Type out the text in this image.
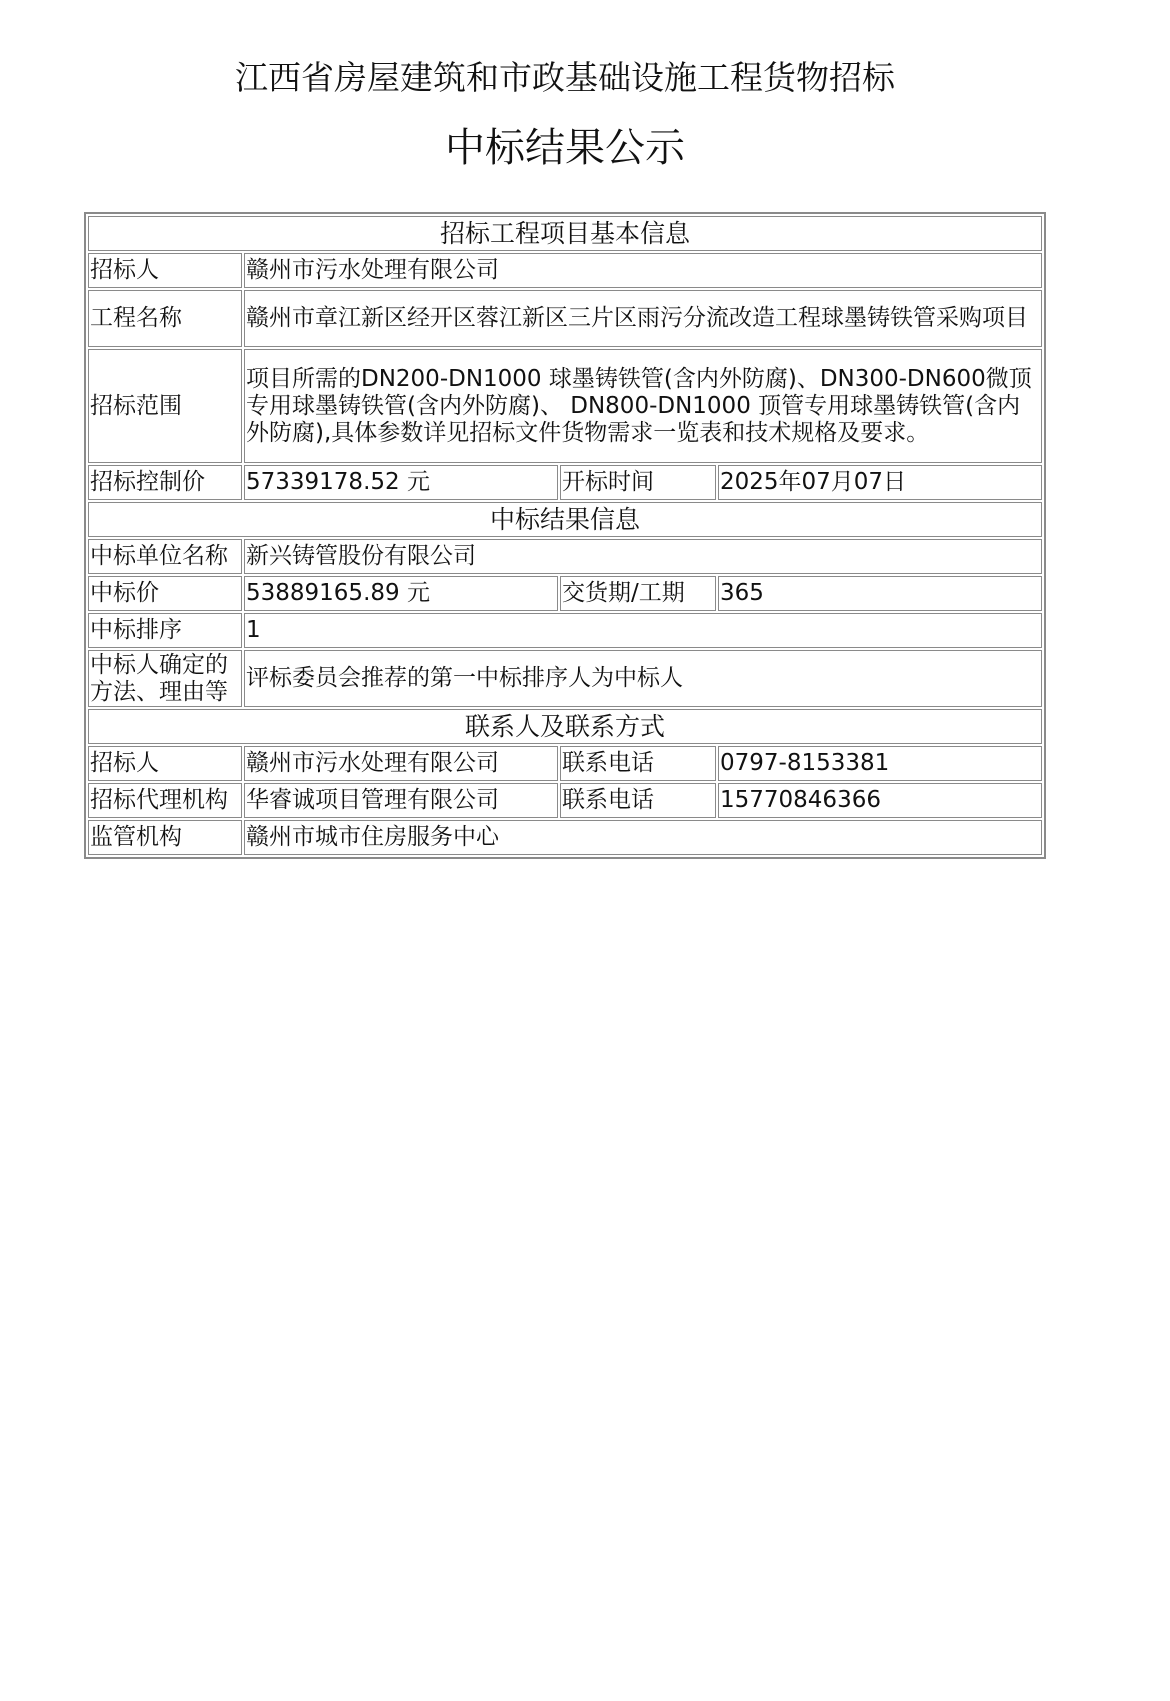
江西省房屋建筑和市政基础设施工程货物招标
中标结果公示
招标工程项目基本信息			
招标人	赣州市污水处理有限公司		
工程名称	赣州市章江新区经开区蓉江新区三片区雨污分流改造工程球墨铸铁管采购项目		
招标范围	项目所需的DN200-DN1000 球墨铸铁管(含内外防腐)、DN300-DN600微顶专用球墨铸铁管(含内外防腐)、 DN800-DN1000 顶管专用球墨铸铁管(含内外防腐),具体参数详见招标文件货物需求一览表和技术规格及要求。		
招标控制价	57339178.52 元	开标时间	2025年07月07日
中标结果信息			
中标单位名称	新兴铸管股份有限公司		
中标价	53889165.89 元	交货期/工期	365
中标排序	1		
中标人确定的方法、理由等	评标委员会推荐的第一中标排序人为中标人		
联系人及联系方式			
招标人	赣州市污水处理有限公司	联系电话	0797-8153381
招标代理机构	华睿诚项目管理有限公司	联系电话	15770846366
监管机构	赣州市城市住房服务中心		
